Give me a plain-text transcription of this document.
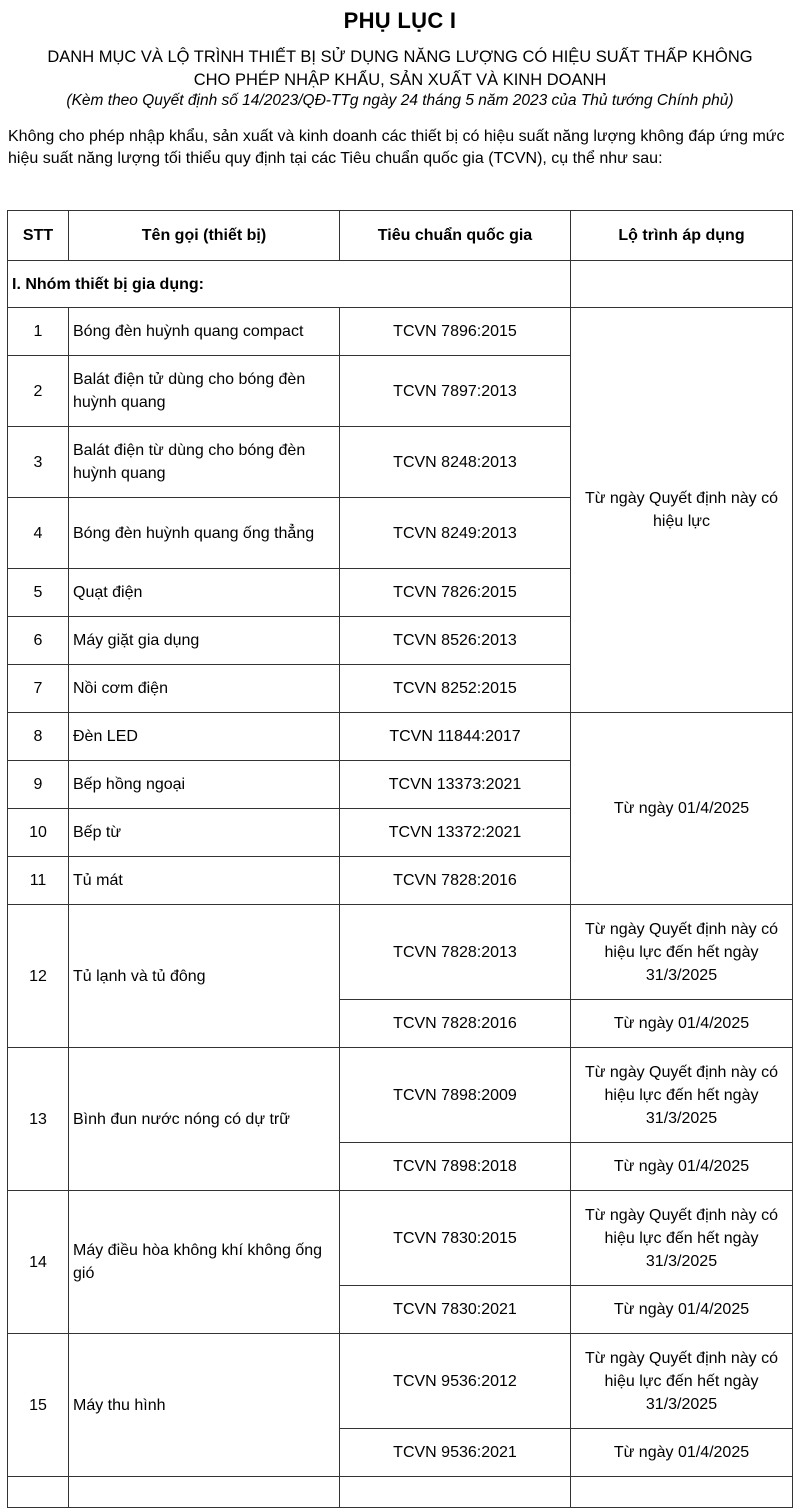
PHỤ LỤC I
DANH MỤC VÀ LỘ TRÌNH THIẾT BỊ SỬ DỤNG NĂNG LƯỢNG CÓ HIỆU SUẤT THẤP KHÔNG
CHO PHÉP NHẬP KHẨU, SẢN XUẤT VÀ KINH DOANH
(Kèm theo Quyết định số 14/2023/QĐ-TTg ngày 24 tháng 5 năm 2023 của Thủ tướng Chính phủ)
Không cho phép nhập khẩu, sản xuất và kinh doanh các thiết bị có hiệu suất năng lượng không đáp ứng mức hiệu suất năng lượng tối thiểu quy định tại các Tiêu chuẩn quốc gia (TCVN), cụ thể như sau:
STT	Tên gọi (thiết bị)	Tiêu chuẩn quốc gia	Lộ trình áp dụng
I. Nhóm thiết bị gia dụng:			
1	Bóng đèn huỳnh quang compact	TCVN 7896:2015	Từ ngày Quyết định này có hiệu lực
2	Balát điện tử dùng cho bóng đèn huỳnh quang	TCVN 7897:2013	
3	Balát điện từ dùng cho bóng đèn huỳnh quang	TCVN 8248:2013	
4	Bóng đèn huỳnh quang ống thẳng	TCVN 8249:2013	
5	Quạt điện	TCVN 7826:2015	
6	Máy giặt gia dụng	TCVN 8526:2013	
7	Nồi cơm điện	TCVN 8252:2015	
8	Đèn LED	TCVN 11844:2017	Từ ngày 01/4/2025
9	Bếp hồng ngoại	TCVN 13373:2021	
10	Bếp từ	TCVN 13372:2021	
11	Tủ mát	TCVN 7828:2016	
12	Tủ lạnh và tủ đông	TCVN 7828:2013	Từ ngày Quyết định này có hiệu lực đến hết ngày 31/3/2025
		TCVN 7828:2016	Từ ngày 01/4/2025
13	Bình đun nước nóng có dự trữ	TCVN 7898:2009	Từ ngày Quyết định này có hiệu lực đến hết ngày 31/3/2025
		TCVN 7898:2018	Từ ngày 01/4/2025
14	Máy điều hòa không khí không ống gió	TCVN 7830:2015	Từ ngày Quyết định này có hiệu lực đến hết ngày 31/3/2025
		TCVN 7830:2021	Từ ngày 01/4/2025
15	Máy thu hình	TCVN 9536:2012	Từ ngày Quyết định này có hiệu lực đến hết ngày 31/3/2025
		TCVN 9536:2021	Từ ngày 01/4/2025
